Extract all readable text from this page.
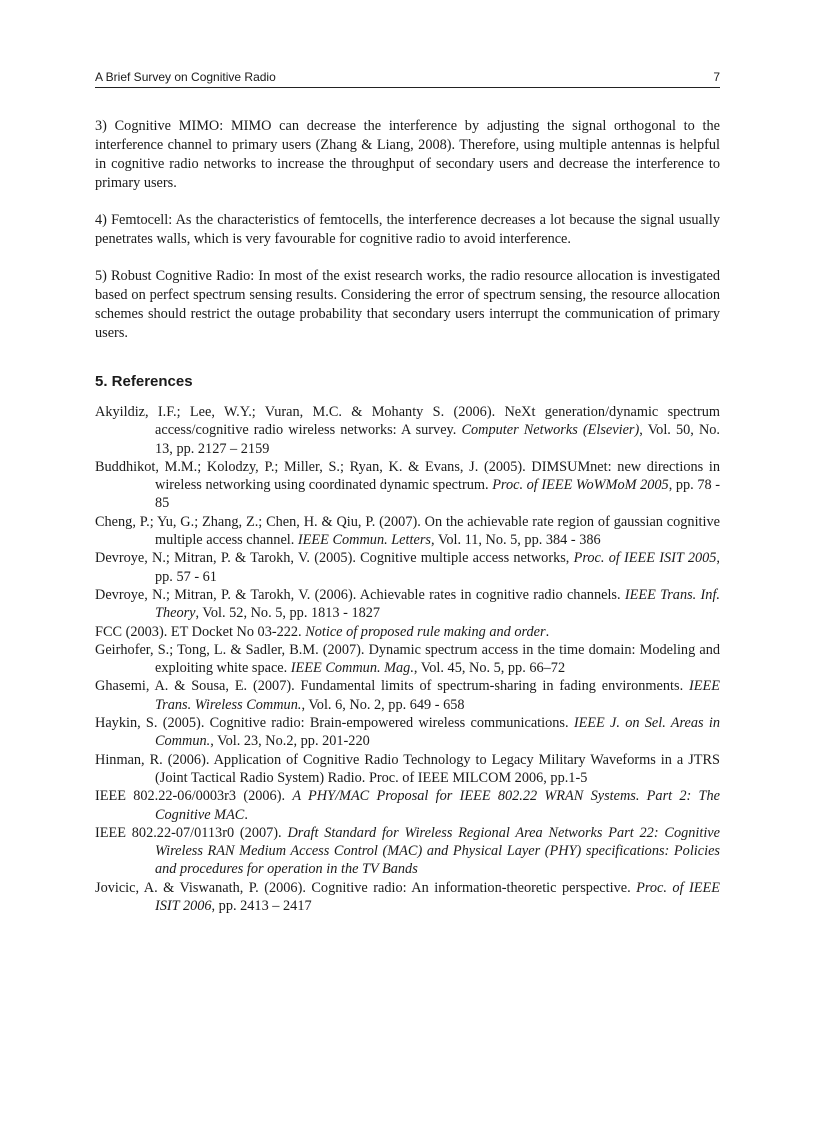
A Brief Survey on Cognitive Radio	7

3) Cognitive MIMO: MIMO can decrease the interference by adjusting the signal orthogonal to the interference channel to primary users (Zhang & Liang, 2008). Therefore, using multiple antennas is helpful in cognitive radio networks to increase the throughput of secondary users and decrease the interference to primary users.

4) Femtocell: As the characteristics of femtocells, the interference decreases a lot because the signal usually penetrates walls, which is very favourable for cognitive radio to avoid interference.

5) Robust Cognitive Radio: In most of the exist research works, the radio resource allocation is investigated based on perfect spectrum sensing results. Considering the error of spectrum sensing, the resource allocation schemes should restrict the outage probability that secondary users interrupt the communication of primary users.

5. References
Akyildiz, I.F.; Lee, W.Y.; Vuran, M.C. & Mohanty S. (2006). NeXt generation/dynamic spectrum access/cognitive radio wireless networks: A survey. Computer Networks (Elsevier), Vol. 50, No. 13, pp. 2127 – 2159
Buddhikot, M.M.; Kolodzy, P.; Miller, S.; Ryan, K. & Evans, J. (2005). DIMSUMnet: new directions in wireless networking using coordinated dynamic spectrum. Proc. of IEEE WoWMoM 2005, pp. 78 - 85
Cheng, P.; Yu, G.; Zhang, Z.; Chen, H. & Qiu, P. (2007). On the achievable rate region of gaussian cognitive multiple access channel. IEEE Commun. Letters, Vol. 11, No. 5, pp. 384 - 386
Devroye, N.; Mitran, P. & Tarokh, V. (2005). Cognitive multiple access networks, Proc. of IEEE ISIT 2005, pp. 57 - 61
Devroye, N.; Mitran, P. & Tarokh, V. (2006). Achievable rates in cognitive radio channels. IEEE Trans. Inf. Theory, Vol. 52, No. 5, pp. 1813 - 1827
FCC (2003). ET Docket No 03-222. Notice of proposed rule making and order.
Geirhofer, S.; Tong, L. & Sadler, B.M. (2007). Dynamic spectrum access in the time domain: Modeling and exploiting white space. IEEE Commun. Mag., Vol. 45, No. 5, pp. 66–72
Ghasemi, A. & Sousa, E. (2007). Fundamental limits of spectrum-sharing in fading environments. IEEE Trans. Wireless Commun., Vol. 6, No. 2, pp. 649 - 658
Haykin, S. (2005). Cognitive radio: Brain-empowered wireless communications. IEEE J. on Sel. Areas in Commun., Vol. 23, No.2, pp. 201-220
Hinman, R. (2006). Application of Cognitive Radio Technology to Legacy Military Waveforms in a JTRS (Joint Tactical Radio System) Radio. Proc. of IEEE MILCOM 2006, pp.1-5
IEEE 802.22-06/0003r3 (2006). A PHY/MAC Proposal for IEEE 802.22 WRAN Systems. Part 2: The Cognitive MAC.
IEEE 802.22-07/0113r0 (2007). Draft Standard for Wireless Regional Area Networks Part 22: Cognitive Wireless RAN Medium Access Control (MAC) and Physical Layer (PHY) specifications: Policies and procedures for operation in the TV Bands
Jovicic, A. & Viswanath, P. (2006). Cognitive radio: An information-theoretic perspective. Proc. of IEEE ISIT 2006, pp. 2413 – 2417
